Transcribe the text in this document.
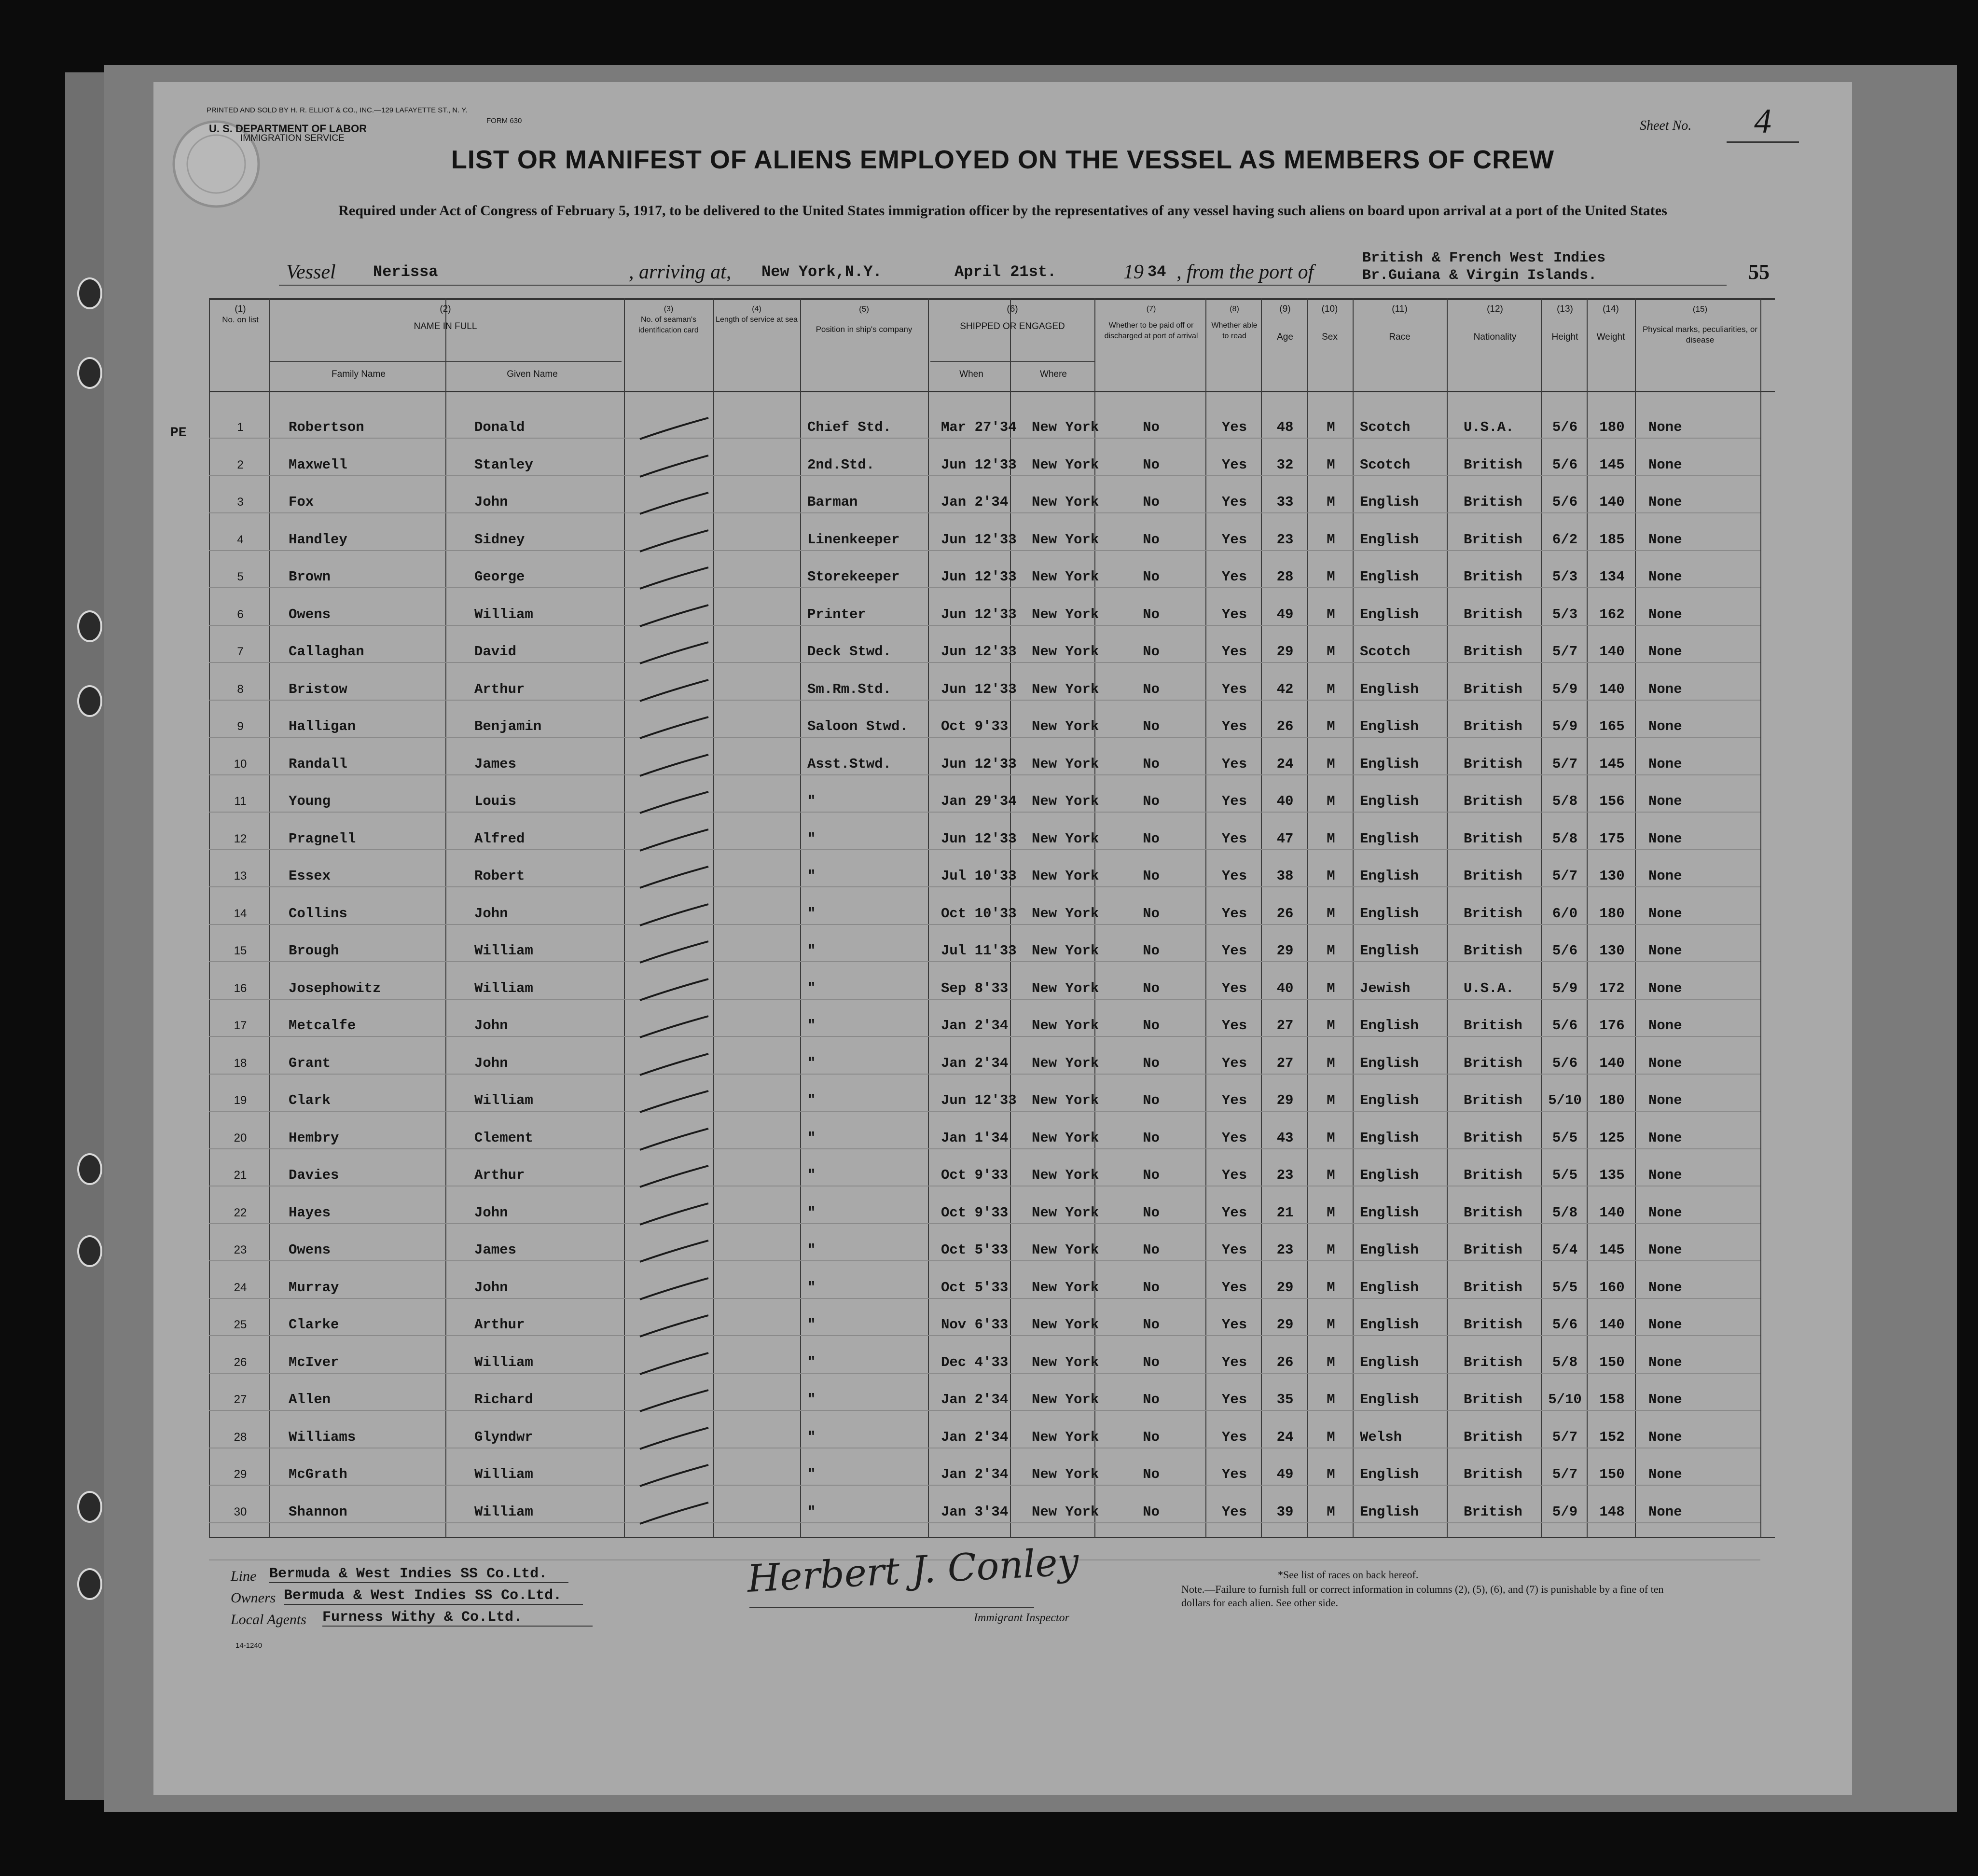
PRINTED AND SOLD BY H. R. ELLIOT & CO., INC.—129 LAFAYETTE ST., N. Y.
FORM 630
U. S. DEPARTMENT OF LABOR
IMMIGRATION SERVICE
Sheet No.	4
LIST OR MANIFEST OF ALIENS EMPLOYED ON THE VESSEL AS MEMBERS OF CREW
Required under Act of Congress of February 5, 1917, to be delivered to the United States immigration officer by the representatives of any vessel having such aliens on board upon arrival at a port of the United States
Vessel Nerissa	, arriving at, New York,N.Y.	April 21st.	19 34 , from the port of
British & French West Indies
Br.Guiana & Virgin Islands.	55
(1)
No. on list
(2)
NAME IN FULL
Family Name	Given Name
(3)
No. of seaman's identification card
(4)
Length of service at sea
(5)
Position in ship's company
(6)
SHIPPED OR ENGAGED
When	Where
(7)
Whether to be paid off or discharged at port of arrival
(8)
Whether able to read
(9)
Age
(10)
Sex
(11)
Race
(12)
Nationality
(13)
Height
(14)
Weight
(15)
Physical marks, peculiarities, or disease
PE	1	Robertson	Donald	Chief Std.	Mar 27'34 New York	No	Yes	48	M	Scotch	U.S.A.	5/6	180	None
2	Maxwell	Stanley	2nd.Std.	Jun 12'33 New York	No	Yes	32	M	Scotch	British	5/6	145	None
3	Fox	John	Barman	Jan 2'34 New York	No	Yes	33	M	English	British	5/6	140	None
4	Handley	Sidney	Linenkeeper	Jun 12'33 New York	No	Yes	23	M	English	British	6/2	185	None
5	Brown	George	Storekeeper	Jun 12'33 New York	No	Yes	28	M	English	British	5/3	134	None
6	Owens	William	Printer	Jun 12'33 New York	No	Yes	49	M	English	British	5/3	162	None
7	Callaghan	David	Deck Stwd.	Jun 12'33 New York	No	Yes	29	M	Scotch	British	5/7	140	None
8	Bristow	Arthur	Sm.Rm.Std.	Jun 12'33 New York	No	Yes	42	M	English	British	5/9	140	None
9	Halligan	Benjamin	Saloon Stwd.	Oct 9'33 New York	No	Yes	26	M	English	British	5/9	165	None
10	Randall	James	Asst.Stwd.	Jun 12'33 New York	No	Yes	24	M	English	British	5/7	145	None
11	Young	Louis	"	Jan 29'34 New York	No	Yes	40	M	English	British	5/8	156	None
12	Pragnell	Alfred	"	Jun 12'33 New York	No	Yes	47	M	English	British	5/8	175	None
13	Essex	Robert	"	Jul 10'33 New York	No	Yes	38	M	English	British	5/7	130	None
14	Collins	John	"	Oct 10'33 New York	No	Yes	26	M	English	British	6/0	180	None
15	Brough	William	"	Jul 11'33 New York	No	Yes	29	M	English	British	5/6	130	None
16	Josephowitz	William	"	Sep 8'33 New York	No	Yes	40	M	Jewish	U.S.A.	5/9	172	None
17	Metcalfe	John	"	Jan 2'34 New York	No	Yes	27	M	English	British	5/6	176	None
18	Grant	John	"	Jan 2'34 New York	No	Yes	27	M	English	British	5/6	140	None
19	Clark	William	"	Jun 12'33 New York	No	Yes	29	M	English	British	5/10	180	None
20	Hembry	Clement	"	Jan 1'34 New York	No	Yes	43	M	English	British	5/5	125	None
21	Davies	Arthur	"	Oct 9'33 New York	No	Yes	23	M	English	British	5/5	135	None
22	Hayes	John	"	Oct 9'33 New York	No	Yes	21	M	English	British	5/8	140	None
23	Owens	James	"	Oct 5'33 New York	No	Yes	23	M	English	British	5/4	145	None
24	Murray	John	"	Oct 5'33 New York	No	Yes	29	M	English	British	5/5	160	None
25	Clarke	Arthur	"	Nov 6'33 New York	No	Yes	29	M	English	British	5/6	140	None
26	McIver	William	"	Dec 4'33 New York	No	Yes	26	M	English	British	5/8	150	None
27	Allen	Richard	"	Jan 2'34 New York	No	Yes	35	M	English	British	5/10	158	None
28	Williams	Glyndwr	"	Jan 2'34 New York	No	Yes	24	M	Welsh	British	5/7	152	None
29	McGrath	William	"	Jan 2'34 New York	No	Yes	49	M	English	British	5/7	150	None
30	Shannon	William	"	Jan 3'34 New York	No	Yes	39	M	English	British	5/9	148	None
Line Bermuda & West Indies SS Co.Ltd.
Owners Bermuda & West Indies SS Co.Ltd.
Local Agents Furness Withy & Co.Ltd.
14-1240
Herbert J. Conley
Immigrant Inspector
*See list of races on back hereof.
Note.—Failure to furnish full or correct information in columns (2), (5), (6), and (7) is punishable by a fine of ten dollars for each alien. See other side.
